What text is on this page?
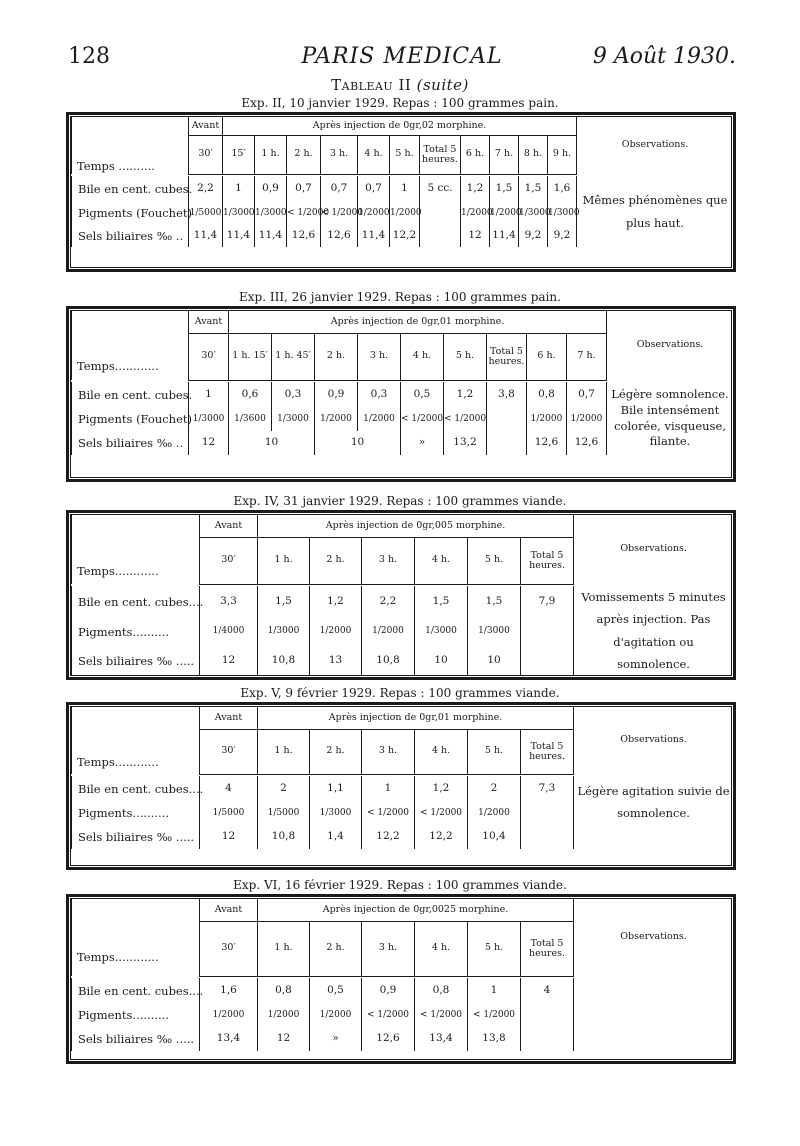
128	PARIS MEDICAL	9 Août 1930.
Tableau II (suite)
Exp. II, 10 janvier 1929. Repas : 100 grammes pain.
	Avant	Après injection de 0gr,02 morphine.											Observations.
	30′	15′	1 h.	2 h.	3 h.	4 h.	5 h.	Total 5 heures.	6 h.	7 h.	8 h.	9 h.	
Temps ..........
Bile en cent. cubes.	2,2	1	0,9	0,7	0,7	0,7	1	5 cc.	1,2	1,5	1,5	1,6	Mêmes phénomènes que plus haut.
Pigments (Fouchet)	1/5000	1/3000	1/3000	< 1/2000	< 1/2000	1/2000	1/2000		1/2000	1/2000	1/3000	1/3000	
Sels biliaires ‰ ..	11,4	11,4	11,4	12,6	12,6	11,4	12,2		12	11,4	9,2	9,2	
Exp. III, 26 janvier 1929. Repas : 100 grammes pain.
	Avant	Après injection de 0gr,01 morphine.									Observations.
	30′	1 h. 15′	1 h. 45′	2 h.	3 h.	4 h.	5 h.	Total 5 heures.	6 h.	7 h.	
Temps............
Bile en cent. cubes.	1	0,6	0,3	0,9	0,3	0,5	1,2	3,8	0,8	0,7	Légère somnolence. Bile intensément colorée, visqueuse, filante.
Pigments (Fouchet)	1/3000	1/3600	1/3000	1/2000	1/2000	< 1/2000	< 1/2000		1/2000	1/2000	
Sels biliaires ‰ ..	12	10		10		»	13,2		12,6	12,6	
Exp. IV, 31 janvier 1929. Repas : 100 grammes viande.
	Avant	Après injection de 0gr,005 morphine.						Observations.
	30′	1 h.	2 h.	3 h.	4 h.	5 h.	Total 5 heures.	
Temps............
Bile en cent. cubes....	3,3	1,5	1,2	2,2	1,5	1,5	7,9	Vomissements 5 minutes après injection. Pas d'agitation ou somnolence.
Pigments..........	1/4000	1/3000	1/2000	1/2000	1/3000	1/3000		
Sels biliaires ‰ .....	12	10,8	13	10,8	10	10		
Exp. V, 9 février 1929. Repas : 100 grammes viande.
	Avant	Après injection de 0gr,01 morphine.						Observations.
	30′	1 h.	2 h.	3 h.	4 h.	5 h.	Total 5 heures.	
Temps............
Bile en cent. cubes....	4	2	1,1	1	1,2	2	7,3	Légère agitation suivie de somnolence.
Pigments..........	1/5000	1/5000	1/3000	< 1/2000	< 1/2000	1/2000		
Sels biliaires ‰ .....	12	10,8	1,4	12,2	12,2	10,4		
Exp. VI, 16 février 1929. Repas : 100 grammes viande.
	Avant	Après injection de 0gr,0025 morphine.						Observations.
	30′	1 h.	2 h.	3 h.	4 h.	5 h.	Total 5 heures.	
Temps............
Bile en cent. cubes....	1,6	0,8	0,5	0,9	0,8	1	4	
Pigments..........	1/2000	1/2000	1/2000	< 1/2000	< 1/2000	< 1/2000		
Sels biliaires ‰ .....	13,4	12	»	12,6	13,4	13,8		
